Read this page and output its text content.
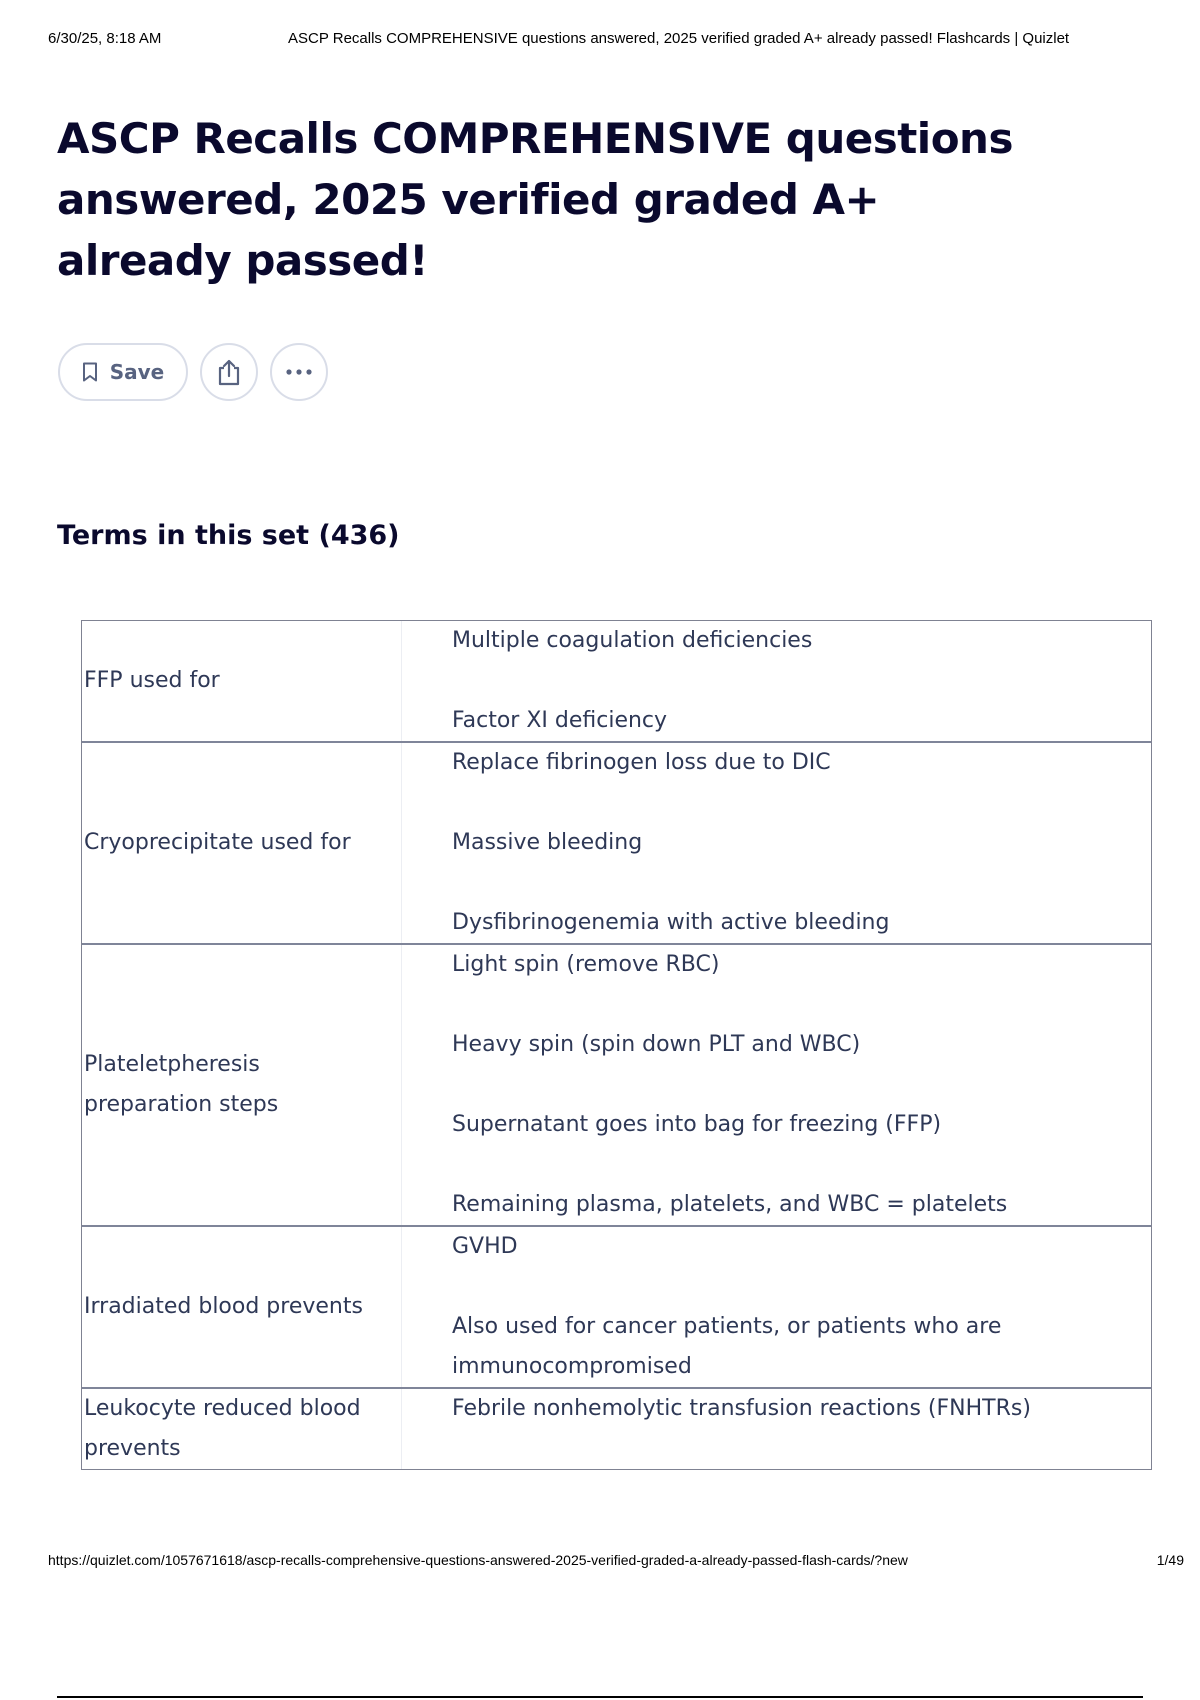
6/30/25, 8:18 AM	ASCP Recalls COMPREHENSIVE questions answered, 2025 verified graded A+ already passed! Flashcards | Quizlet
ASCP Recalls COMPREHENSIVE questions answered, 2025 verified graded A+ already passed!
Save
Terms in this set (436)
FFP used for

Multiple coagulation deficiencies

Factor XI deficiency

Cryoprecipitate used for

Replace fibrinogen loss due to DIC

Massive bleeding

Dysfibrinogenemia with active bleeding

Plateletpheresis preparation steps

Light spin (remove RBC)

Heavy spin (spin down PLT and WBC)

Supernatant goes into bag for freezing (FFP)

Remaining plasma, platelets, and WBC = platelets

Irradiated blood prevents

GVHD

Also used for cancer patients, or patients who are

immunocompromised

Leukocyte reduced blood prevents

Febrile nonhemolytic transfusion reactions (FNHTRs)

https://quizlet.com/1057671618/ascp-recalls-comprehensive-questions-answered-2025-verified-graded-a-already-passed-flash-cards/?new	1/49
